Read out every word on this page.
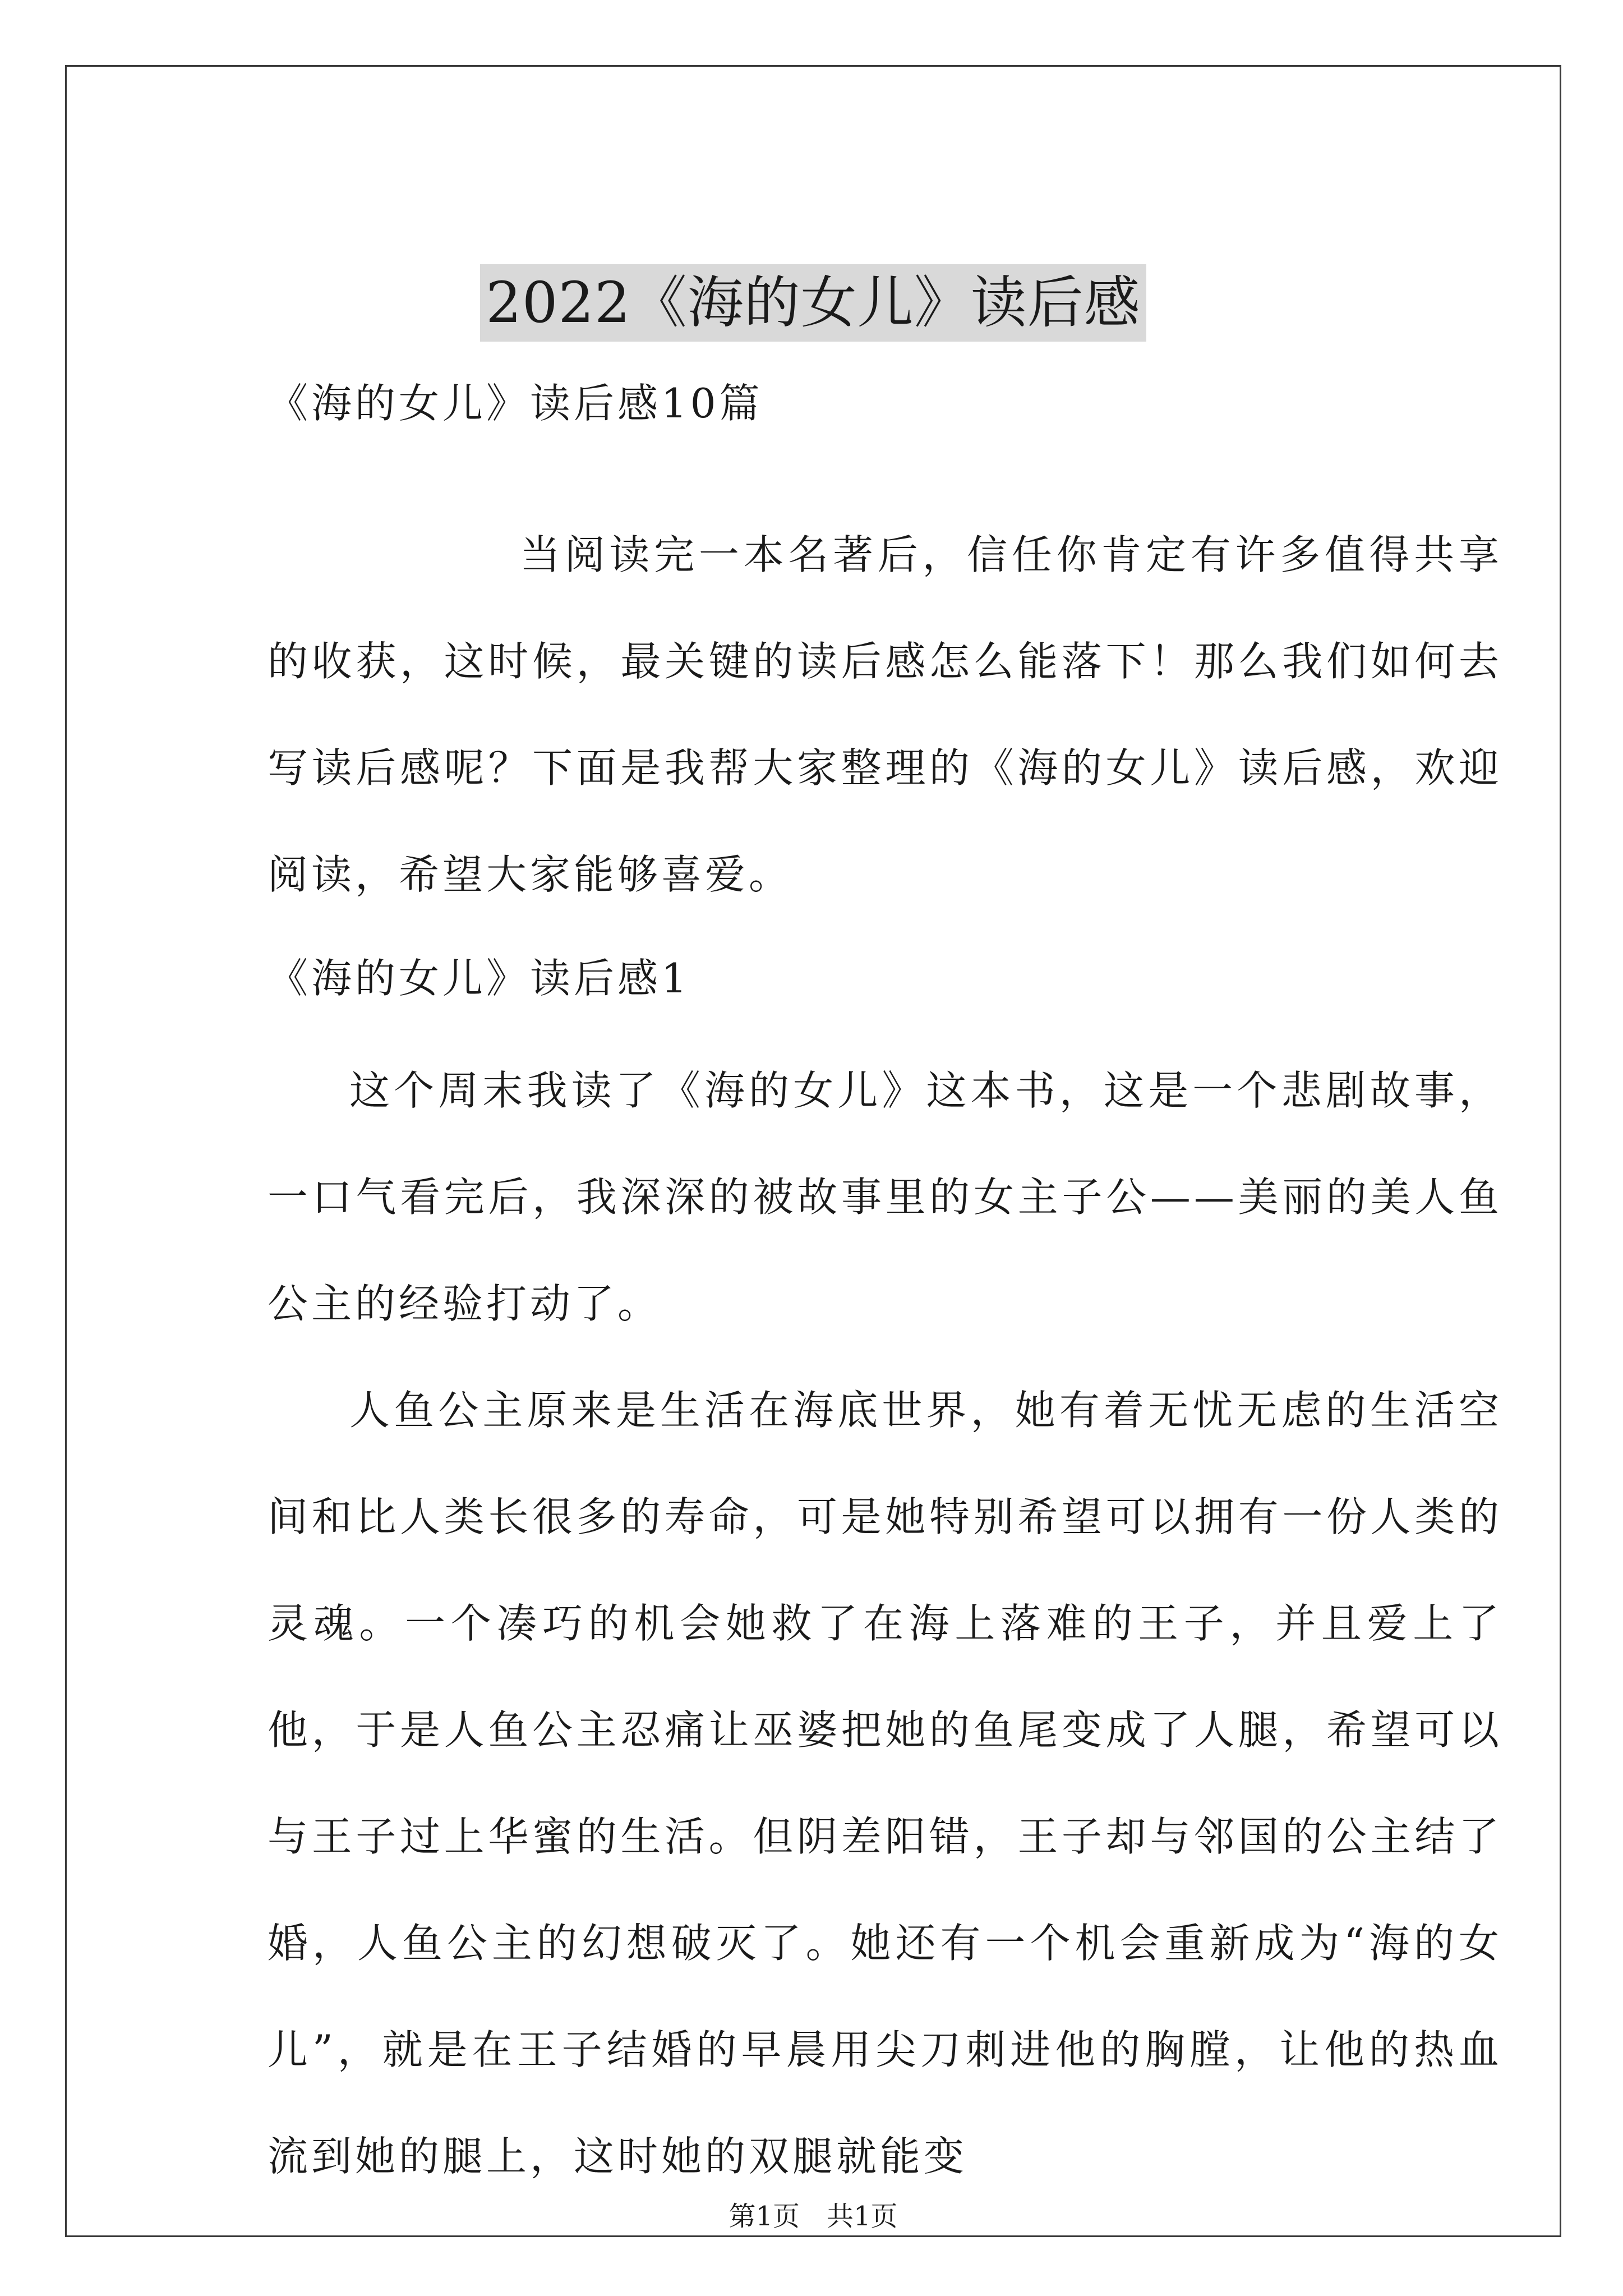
2022《海的女儿》读后感
《海的女儿》读后感10篇

当阅读完一本名著后，信任你肯定有许多值得共享的收获，这时候，最关键的读后感怎么能落下！那么我们如何去写读后感呢？下面是我帮大家整理的《海的女儿》读后感，欢迎阅读，希望大家能够喜爱。

《海的女儿》读后感1

这个周末我读了《海的女儿》这本书，这是一个悲剧故事，一口气看完后，我深深的被故事里的女主子公——美丽的美人鱼公主的经验打动了。

人鱼公主原来是生活在海底世界，她有着无忧无虑的生活空间和比人类长很多的寿命，可是她特别希望可以拥有一份人类的灵魂。一个凑巧的机会她救了在海上落难的王子，并且爱上了他，于是人鱼公主忍痛让巫婆把她的鱼尾变成了人腿，希望可以与王子过上华蜜的生活。但阴差阳错，王子却与邻国的公主结了婚，人鱼公主的幻想破灭了。她还有一个机会重新成为“海的女儿”，就是在王子结婚的早晨用尖刀刺进他的胸膛，让他的热血流到她的腿上，这时她的双腿就能变

第1页 共1页
